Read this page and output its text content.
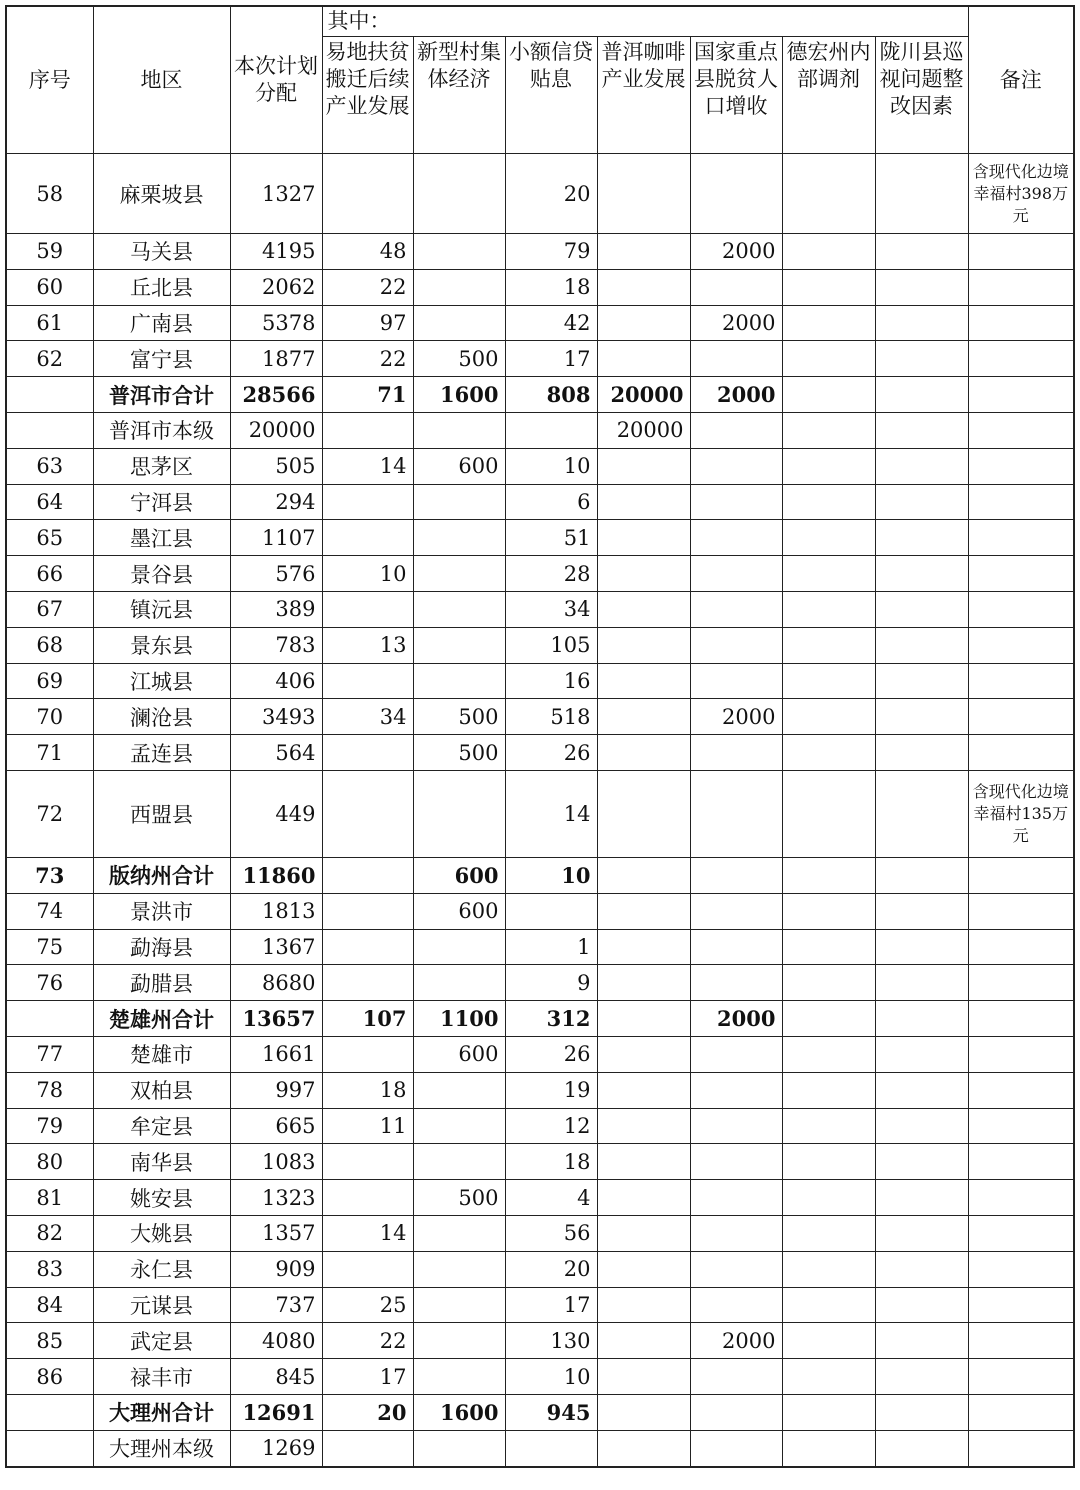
序号	地区	本次计划分配	其中：							备注
			易地扶贫搬迁后续产业发展	新型村集体经济	小额信贷贴息	普洱咖啡产业发展	国家重点县脱贫人口增收	德宏州内部调剂	陇川县巡视问题整改因素	
58	麻栗坡县	1327			20					含现代化边境幸福村398万元
59	马关县	4195	48		79		2000			
60	丘北县	2062	22		18					
61	广南县	5378	97		42		2000			
62	富宁县	1877	22	500	17					
	普洱市合计	28566	71	1600	808	20000	2000			
	普洱市本级	20000				20000				
63	思茅区	505	14	600	10					
64	宁洱县	294			6					
65	墨江县	1107			51					
66	景谷县	576	10		28					
67	镇沅县	389			34					
68	景东县	783	13		105					
69	江城县	406			16					
70	澜沧县	3493	34	500	518		2000			
71	孟连县	564		500	26					
72	西盟县	449			14					含现代化边境幸福村135万元
73	版纳州合计	11860		600	10					
74	景洪市	1813		600						
75	勐海县	1367			1					
76	勐腊县	8680			9					
	楚雄州合计	13657	107	1100	312		2000			
77	楚雄市	1661		600	26					
78	双柏县	997	18		19					
79	牟定县	665	11		12					
80	南华县	1083			18					
81	姚安县	1323		500	4					
82	大姚县	1357	14		56					
83	永仁县	909			20					
84	元谋县	737	25		17					
85	武定县	4080	22		130		2000			
86	禄丰市	845	17		10					
	大理州合计	12691	20	1600	945					
	大理州本级	1269								
